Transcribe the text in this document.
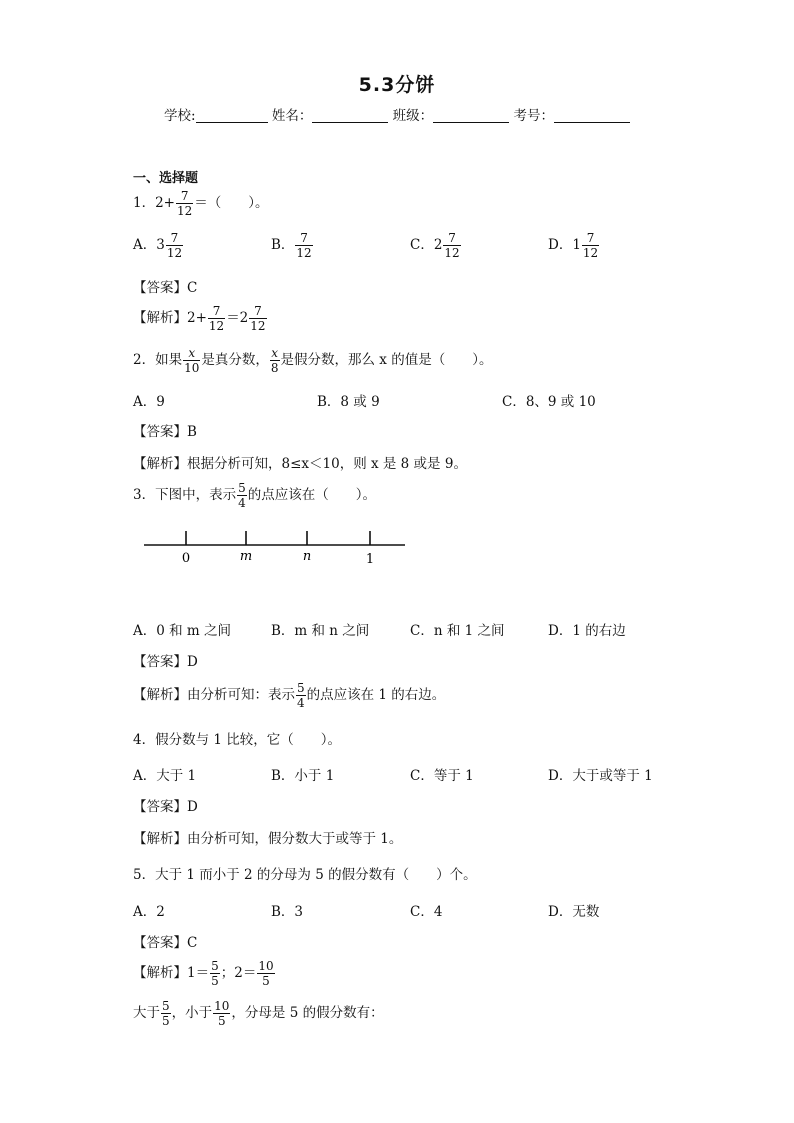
5.3分饼
学校:	姓名：	班级：	考号：
一、选择题
1．$2+ \frac{7}{12}$ ＝（　　）。
A．$3 \frac{7}{12}$	B． $\frac{7}{12}$	C．$2 \frac{7}{12}$	D．$1 \frac{7}{12}$
【答案】C
【解析】$2+ \frac{7}{12} =2 \frac{7}{12}$
2．如果 $\frac{x}{10}$ 是真分数， $\frac{x}{8}$ 是假分数，那么 x 的值是（　　）。
A．9	B．8 或 9	C．8、9 或 10
【答案】B
【解析】根据分析可知，8≤x＜10，则 x 是 8 或是 9。
3．下图中，表示 $\frac{5}{4}$ 的点应该在（　　）。
0	m	n	1
A．0 和 m 之间	B．m 和 n 之间	C．n 和 1 之间	D．1 的右边
【答案】D
【解析】由分析可知：表示 $\frac{5}{4}$ 的点应该在 1 的右边。
4．假分数与 1 比较，它（　　）。
A．大于 1	B．小于 1	C．等于 1	D．大于或等于 1
【答案】D
【解析】由分析可知，假分数大于或等于 1。
5．大于 1 而小于 2 的分母为 5 的假分数有（　　）个。
A．2	B．3	C．4	D．无数
【答案】C
【解析】$1= \frac{5}{5}$ ；$2= \frac{10}{5}$
大于 $\frac{5}{5}$ ，小于 $\frac{10}{5}$ ，分母是 5 的假分数有：
